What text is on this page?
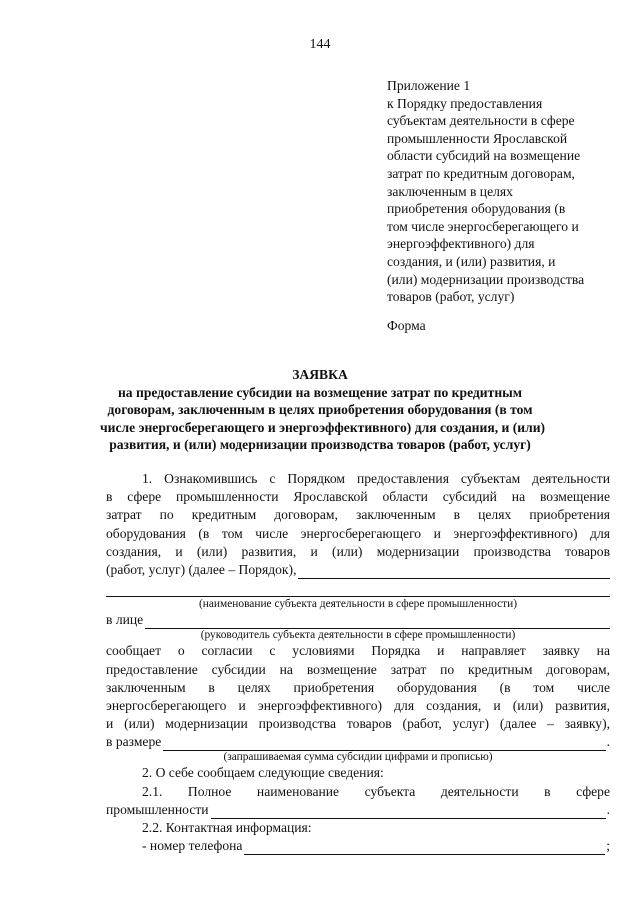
144
Приложение 1
к Порядку предоставления
субъектам деятельности в сфере
промышленности Ярославской
области субсидий на возмещение
затрат по кредитным договорам,
заключенным в целях
приобретения оборудования (в
том числе энергосберегающего и
энергоэффективного) для
создания, и (или) развития, и
(или) модернизации производства
товаров (работ, услуг)
Форма
ЗАЯВКА
на предоставление субсидии на возмещение затрат по кредитным
договорам, заключенным в целях приобретения оборудования (в том
числе энергосберегающего и энергоэффективного) для создания, и (или)
развития, и (или) модернизации производства товаров (работ, услуг)
1. Ознакомившись с Порядком предоставления субъектам деятельности
в сфере промышленности Ярославской области субсидий на возмещение
затрат по кредитным договорам, заключенным в целях приобретения
оборудования (в том числе энергосберегающего и энергоэффективного) для
создания, и (или) развития, и (или) модернизации производства товаров
(работ, услуг) (далее – Порядок),
(наименование субъекта деятельности в сфере промышленности)
в лице
(руководитель субъекта деятельности в сфере промышленности)
сообщает о согласии с условиями Порядка и направляет заявку на
предоставление субсидии на возмещение затрат по кредитным договорам,
заключенным в целях приобретения оборудования (в том числе
энергосберегающего и энергоэффективного) для создания, и (или) развития,
и (или) модернизации производства товаров (работ, услуг) (далее – заявку),
в размере	.
(запрашиваемая сумма субсидии цифрами и прописью)
2. О себе сообщаем следующие сведения:
2.1. Полное наименование субъекта деятельности в сфере
промышленности	.
2.2. Контактная информация:
- номер телефона	;
